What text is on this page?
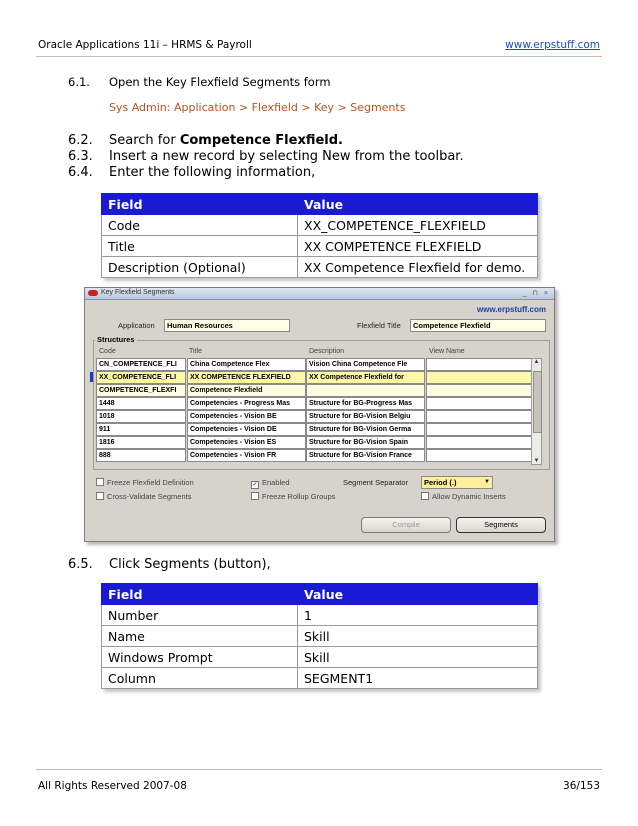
Oracle Applications 11i – HRMS & Payroll	www.erpstuff.com
6.1. Open the Key Flexfield Segments form
Sys Admin: Application > Flexfield > Key > Segments
6.2. Search for Competence Flexfield.
6.3. Insert a new record by selecting New from the toolbar.
6.4. Enter the following information,
Field	Value
Code	XX_COMPETENCE_FLEXFIELD
Title	XX COMPETENCE FLEXFIELD
Description (Optional)	XX Competence Flexfield for demo.
Key Flexfield Segments	_ ⊓ ×
www.erpstuff.com
Application	Human Resources	Flexfield Title	Competence Flexfield
Structures
Code	Title	Description	View Name
CN_COMPETENCE_FLI	China Competence Flex	Vision China Competence Fle
XX_COMPETENCE_FLI	XX COMPETENCE FLEXFIELD	XX Competence Flexfield for
COMPETENCE_FLEXFI	Competence Flexfield
1448	Competencies - Progress Mas	Structure for BG-Progress Mas
1018	Competencies - Vision BE	Structure for BG-Vision Belgiu
911	Competencies - Vision DE	Structure for BG-Vision Germa
1816	Competencies - Vision ES	Structure for BG-Vision Spain
888	Competencies - Vision FR	Structure for BG-Vision France
▲
▼
Freeze Flexfield Definition	✓ Enabled	Segment Separator	Period (.)	▼
Cross-Validate Segments	Freeze Rollup Groups	Allow Dynamic Inserts
Compile	Segments
6.5. Click Segments (button),
Field	Value
Number	1
Name	Skill
Windows Prompt	Skill
Column	SEGMENT1
All Rights Reserved 2007-08	36/153
